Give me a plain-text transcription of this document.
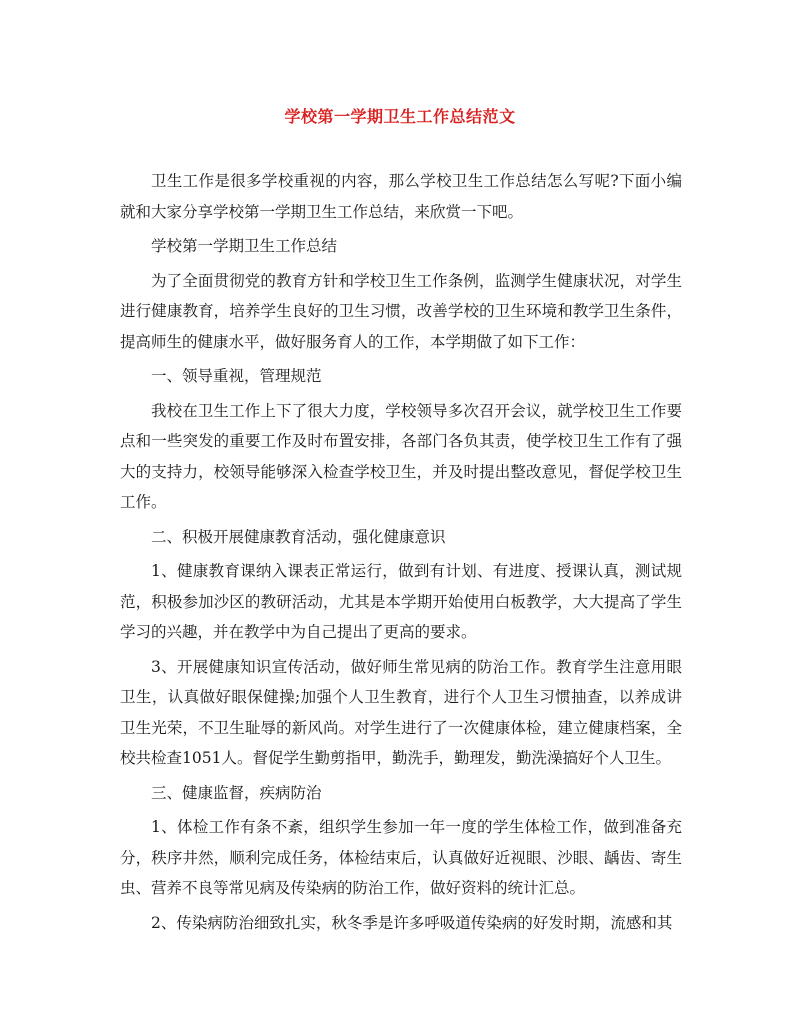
学校第一学期卫生工作总结范文

卫生工作是很多学校重视的内容，那么学校卫生工作总结怎么写呢?下面小编就和大家分享学校第一学期卫生工作总结，来欣赏一下吧。

学校第一学期卫生工作总结

为了全面贯彻党的教育方针和学校卫生工作条例，监测学生健康状况，对学生进行健康教育，培养学生良好的卫生习惯，改善学校的卫生环境和教学卫生条件，提高师生的健康水平，做好服务育人的工作，本学期做了如下工作：

一、领导重视，管理规范

我校在卫生工作上下了很大力度，学校领导多次召开会议，就学校卫生工作要点和一些突发的重要工作及时布置安排，各部门各负其责，使学校卫生工作有了强大的支持力，校领导能够深入检查学校卫生，并及时提出整改意见，督促学校卫生工作。

二、积极开展健康教育活动，强化健康意识

1、健康教育课纳入课表正常运行，做到有计划、有进度、授课认真，测试规范，积极参加沙区的教研活动，尤其是本学期开始使用白板教学，大大提高了学生学习的兴趣，并在教学中为自己提出了更高的要求。

3、开展健康知识宣传活动，做好师生常见病的防治工作。教育学生注意用眼卫生，认真做好眼保健操;加强个人卫生教育，进行个人卫生习惯抽查，以养成讲卫生光荣，不卫生耻辱的新风尚。对学生进行了一次健康体检，建立健康档案，全校共检查1051人。督促学生勤剪指甲，勤洗手，勤理发，勤洗澡搞好个人卫生。

三、健康监督，疾病防治

1、体检工作有条不紊，组织学生参加一年一度的学生体检工作，做到准备充分，秩序井然，顺利完成任务，体检结束后，认真做好近视眼、沙眼、龋齿、寄生虫、营养不良等常见病及传染病的防治工作，做好资料的统计汇总。

2、传染病防治细致扎实，秋冬季是许多呼吸道传染病的好发时期，流感和其
